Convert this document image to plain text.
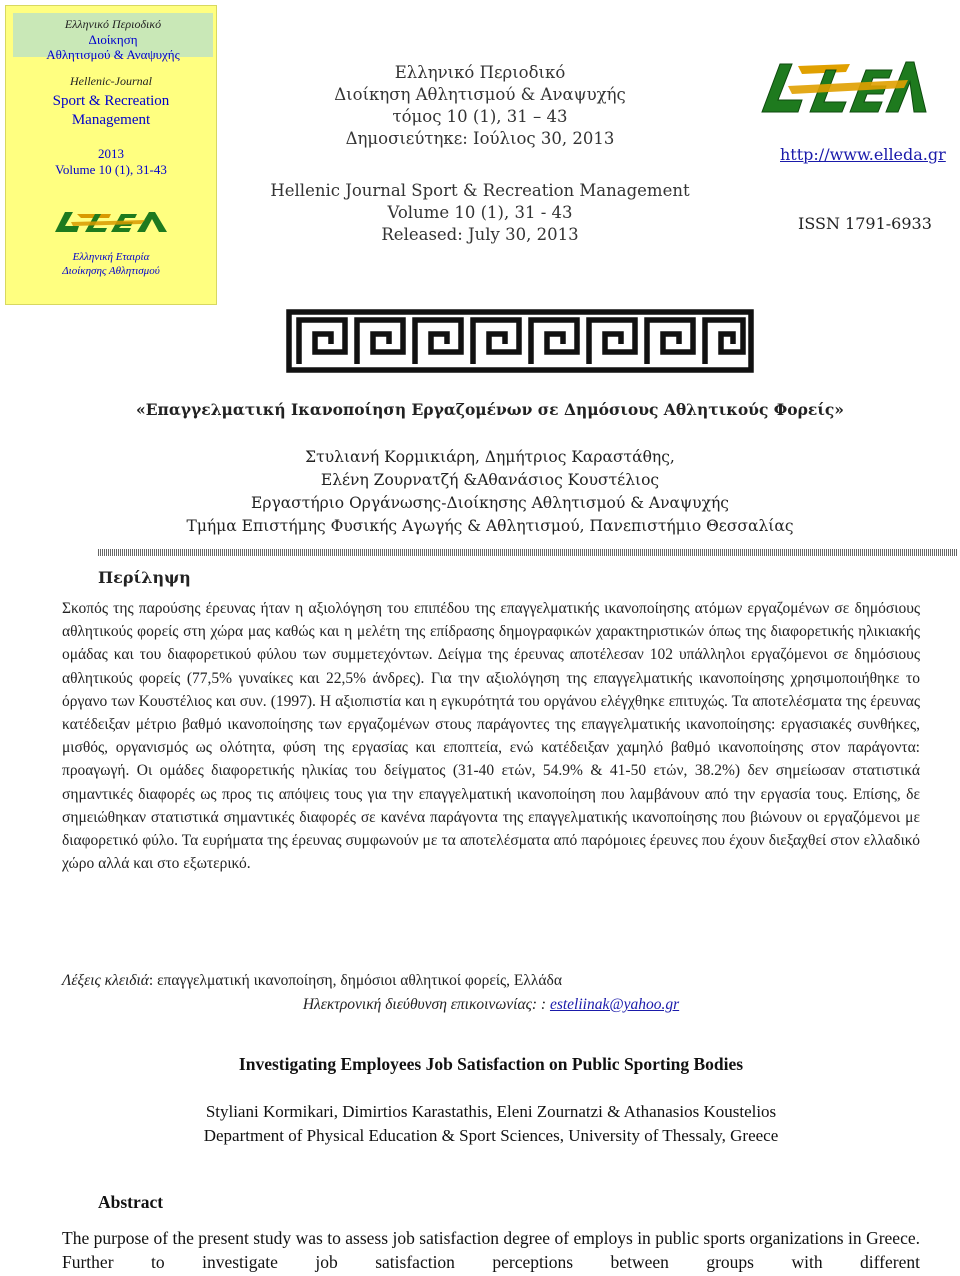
Ελληνικό Περιοδικό
Διοίκηση
Αθλητισμού & Αναψυχής
Hellenic-Journal
Sport & Recreation
Management
2013
Volume 10 (1), 31-43
Ελληνική Εταιρία
Διοίκησης Αθλητισμού
Ελληνικό Περιοδικό
Διοίκηση Αθλητισμού & Αναψυχής
τόμος 10 (1), 31 – 43
Δημοσιεύτηκε: Ιούλιος 30, 2013
Hellenic Journal Sport & Recreation Management
Volume 10 (1), 31 - 43
Released: July 30, 2013
http://www.elleda.gr
ISSN 1791-6933
«Επαγγελματική Ικανοποίηση Εργαζομένων σε Δημόσιους Αθλητικούς Φορείς»
Στυλιανή Κορμικιάρη, Δημήτριος Καραστάθης,
Ελένη Ζουρνατζή &Αθανάσιος Κουστέλιος
Εργαστήριο Οργάνωσης-Διοίκησης Αθλητισμού & Αναψυχής
Τμήμα Επιστήμης Φυσικής Αγωγής & Αθλητισμού, Πανεπιστήμιο Θεσσαλίας
Περίληψη
Σκοπός της παρούσης έρευνας ήταν η αξιολόγηση του επιπέδου της επαγγελματικής ικανοποίησης ατόμων εργαζομένων σε δημόσιους αθλητικούς φορείς στη χώρα μας καθώς και η μελέτη της επίδρασης δημογραφικών χαρακτηριστικών όπως της διαφορετικής ηλικιακής ομάδας και του διαφορετικού φύλου των συμμετεχόντων. Δείγμα της έρευνας αποτέλεσαν 102 υπάλληλοι εργαζόμενοι σε δημόσιους αθλητικούς φορείς (77,5% γυναίκες και 22,5% άνδρες). Για την αξιολόγηση της επαγγελματικής ικανοποίησης χρησιμοποιήθηκε το όργανο των Κουστέλιος και συν. (1997). Η αξιοπιστία και η εγκυρότητά του οργάνου ελέγχθηκε επιτυχώς. Τα αποτελέσματα της έρευνας κατέδειξαν μέτριο βαθμό ικανοποίησης των εργαζομένων στους παράγοντες της επαγγελματικής ικανοποίησης: εργασιακές συνθήκες, μισθός, οργανισμός ως ολότητα, φύση της εργασίας και εποπτεία, ενώ κατέδειξαν χαμηλό βαθμό ικανοποίησης στον παράγοντα: προαγωγή. Οι ομάδες διαφορετικής ηλικίας του δείγματος (31-40 ετών, 54.9% & 41-50 ετών, 38.2%) δεν σημείωσαν στατιστικά σημαντικές διαφορές ως προς τις απόψεις τους για την επαγγελματική ικανοποίηση που λαμβάνουν από την εργασία τους. Επίσης, δε σημειώθηκαν στατιστικά σημαντικές διαφορές σε κανένα παράγοντα της επαγγελματικής ικανοποίησης που βιώνουν οι εργαζόμενοι με διαφορετικό φύλο. Τα ευρήματα της έρευνας συμφωνούν με τα αποτελέσματα από παρόμοιες έρευνες που έχουν διεξαχθεί στον ελλαδικό χώρο αλλά και στο εξωτερικό.
Λέξεις κλειδιά: επαγγελματική ικανοποίηση, δημόσιοι αθλητικοί φορείς, Ελλάδα
Ηλεκτρονική διεύθυνση επικοινωνίας: : esteliinak@yahoo.gr
Investigating Employees Job Satisfaction on Public Sporting Bodies
Styliani Kormikari, Dimirtios Karastathis, Eleni Zournatzi & Athanasios Koustelios
Department of Physical Education & Sport Sciences, University of Thessaly, Greece
Abstract
The purpose of the present study was to assess job satisfaction degree of employs in public sports organizations in Greece. Further to investigate job satisfaction perceptions between groups with different
